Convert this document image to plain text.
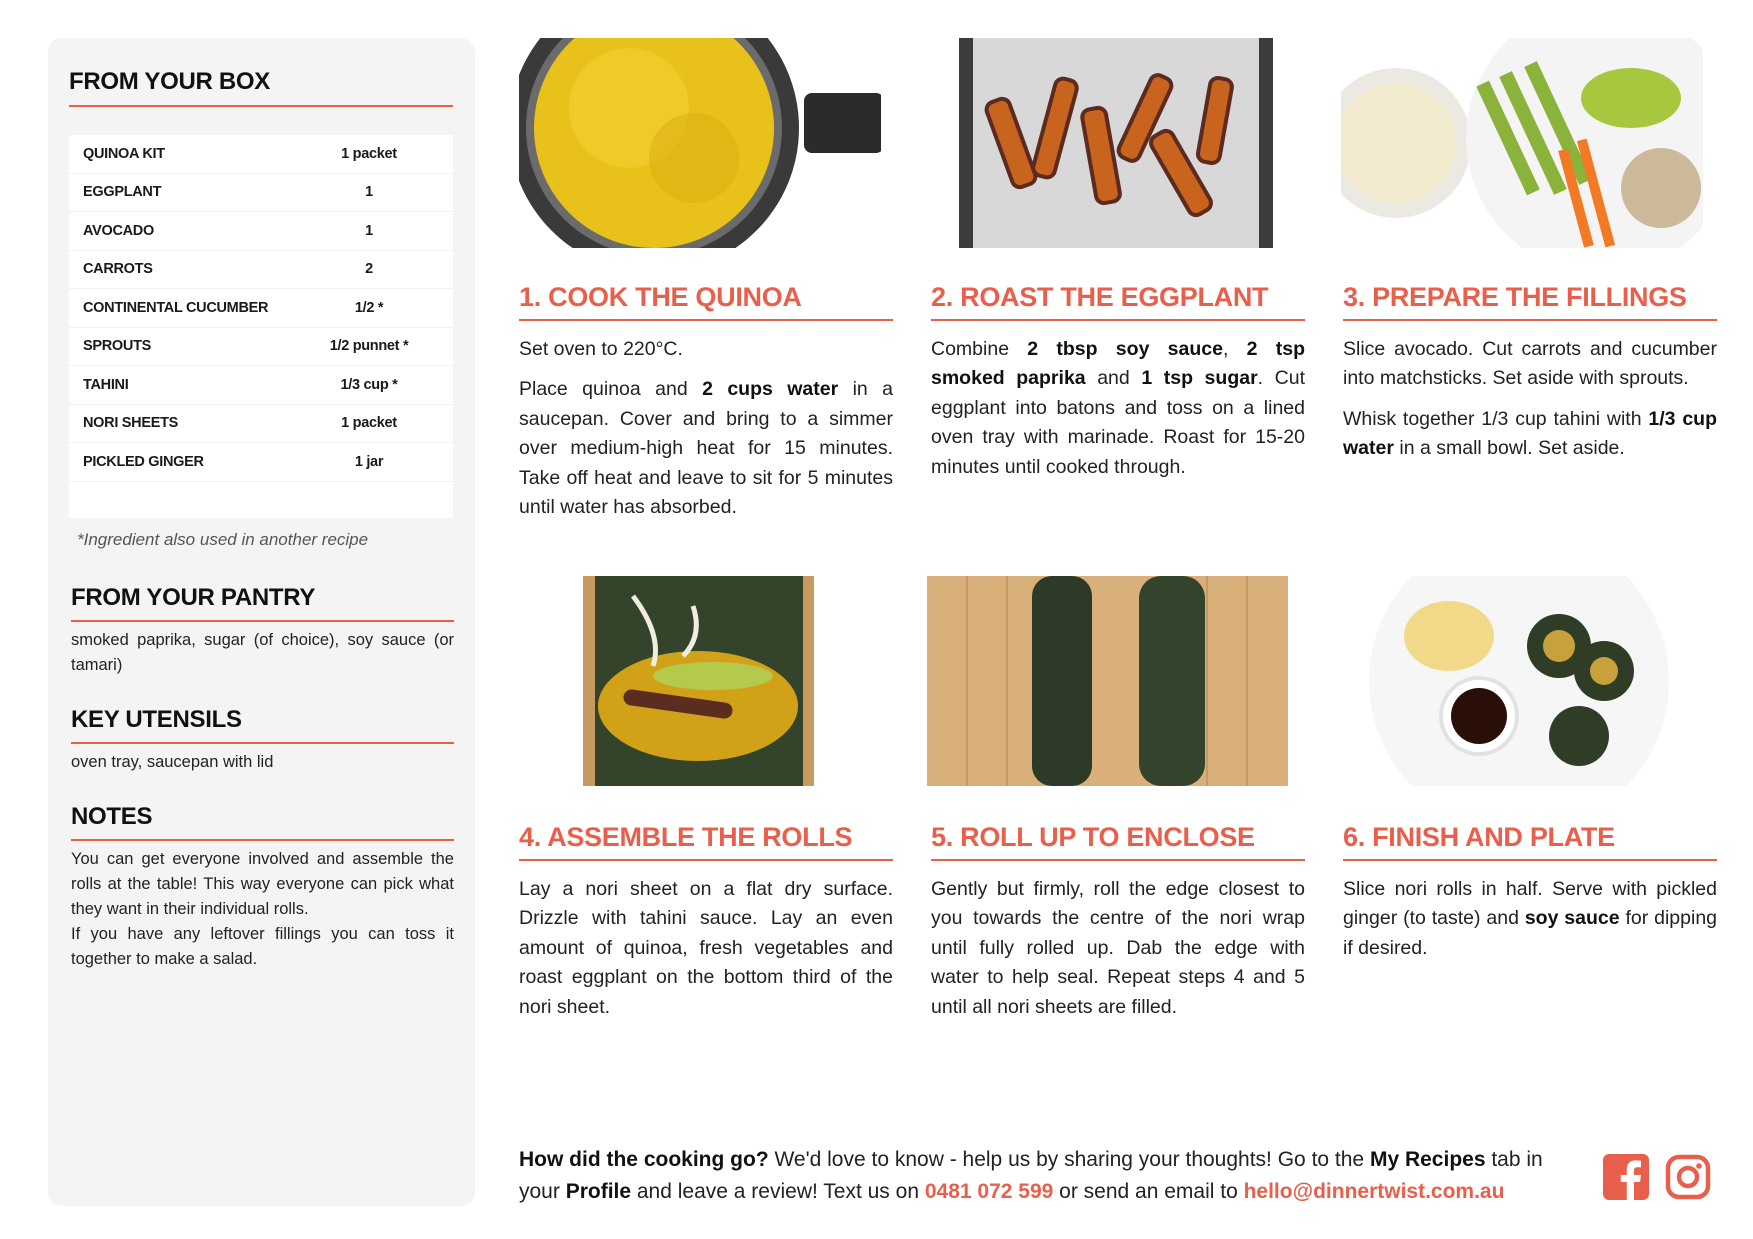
FROM YOUR BOX
QUINOA KIT	1 packet
EGGPLANT	1
AVOCADO	1
CARROTS	2
CONTINENTAL CUCUMBER	1/2 *
SPROUTS	1/2 punnet *
TAHINI	1/3 cup *
NORI SHEETS	1 packet
PICKLED GINGER	1 jar
*Ingredient also used in another recipe
FROM YOUR PANTRY
smoked paprika, sugar (of choice), soy sauce (or tamari)
KEY UTENSILS
oven tray, saucepan with lid
NOTES
You can get everyone involved and assemble the rolls at the table! This way everyone can pick what they want in their individual rolls.
If you have any leftover fillings you can toss it together to make a salad.
1. COOK THE QUINOA

Set oven to 220°C.

Place quinoa and 2 cups water in a saucepan. Cover and bring to a simmer over medium-high heat for 15 minutes. Take off heat and leave to sit for 5 minutes until water has absorbed.

2. ROAST THE EGGPLANT

Combine 2 tbsp soy sauce, 2 tsp smoked paprika and 1 tsp sugar. Cut eggplant into batons and toss on a lined oven tray with marinade. Roast for 15-20 minutes until cooked through.

3. PREPARE THE FILLINGS

Slice avocado. Cut carrots and cucumber into matchsticks. Set aside with sprouts.

Whisk together 1/3 cup tahini with 1/3 cup water in a small bowl. Set aside.

4. ASSEMBLE THE ROLLS

Lay a nori sheet on a flat dry surface. Drizzle with tahini sauce. Lay an even amount of quinoa, fresh vegetables and roast eggplant on the bottom third of the nori sheet.

5. ROLL UP TO ENCLOSE

Gently but firmly, roll the edge closest to you towards the centre of the nori wrap until fully rolled up. Dab the edge with water to help seal. Repeat steps 4 and 5 until all nori sheets are filled.

6. FINISH AND PLATE

Slice nori rolls in half. Serve with pickled ginger (to taste) and soy sauce for dipping if desired.

How did the cooking go? We'd love to know - help us by sharing your thoughts! Go to the My Recipes tab in your Profile and leave a review! Text us on 0481 072 599 or send an email to hello@dinnertwist.com.au
